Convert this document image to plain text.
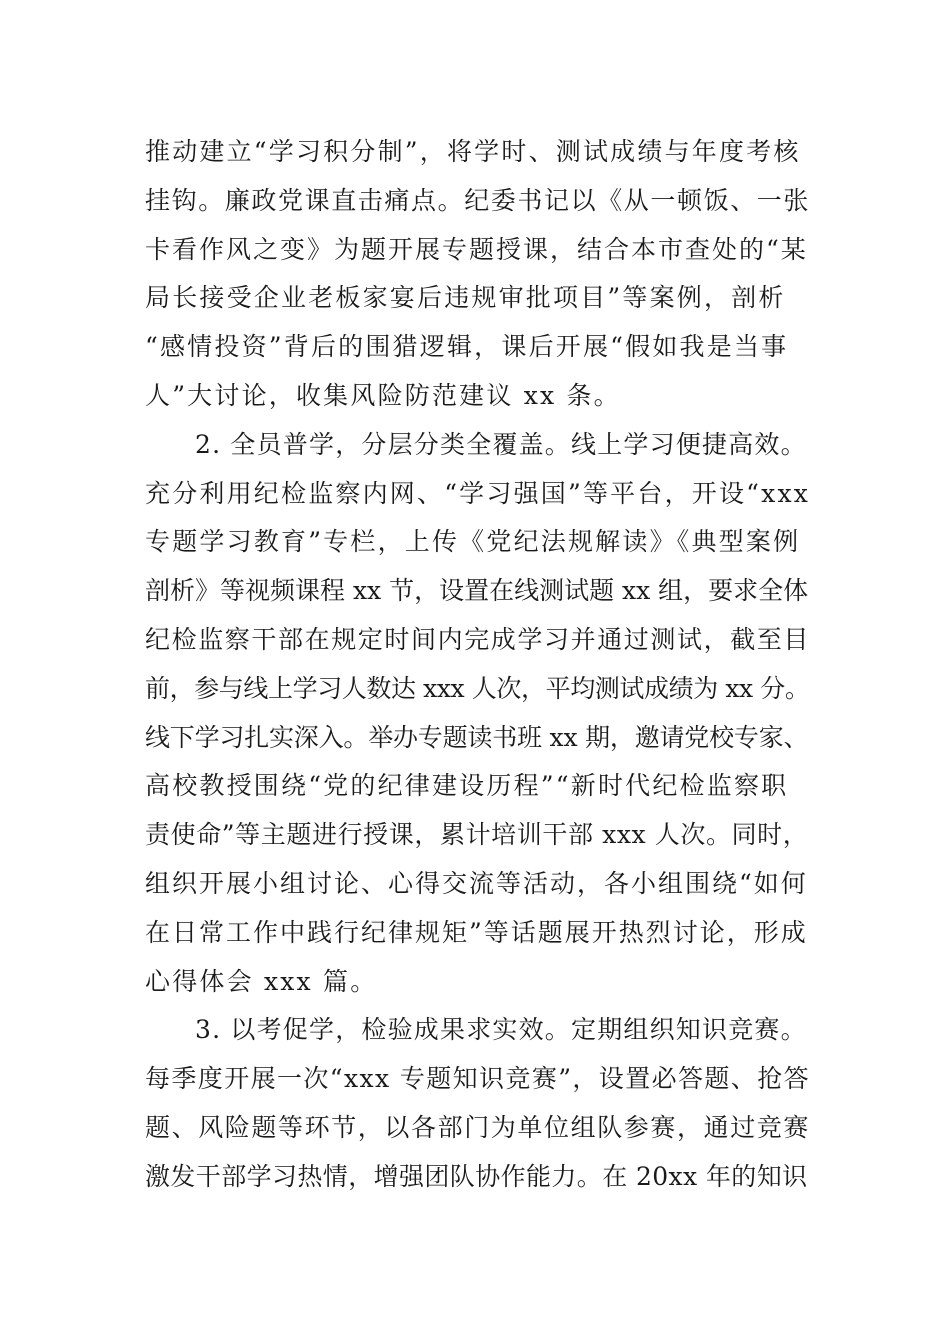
推动建立“学习积分制”，将学时、测试成绩与年度考核
挂钩。廉政党课直击痛点。纪委书记以《从一顿饭、一张
卡看作风之变》为题开展专题授课，结合本市查处的“某
局长接受企业老板家宴后违规审批项目”等案例，剖析
“感情投资”背后的围猎逻辑，课后开展“假如我是当事
人”大讨论，收集风险防范建议 xx 条。
2. 全员普学，分层分类全覆盖。线上学习便捷高效。
充分利用纪检监察内网、“学习强国”等平台，开设“xxx
专题学习教育”专栏，上传《党纪法规解读》《典型案例
剖析》等视频课程 xx 节，设置在线测试题 xx 组，要求全体
纪检监察干部在规定时间内完成学习并通过测试，截至目
前，参与线上学习人数达 xxx 人次，平均测试成绩为 xx 分。
线下学习扎实深入。举办专题读书班 xx 期，邀请党校专家、
高校教授围绕“党的纪律建设历程”“新时代纪检监察职
责使命”等主题进行授课，累计培训干部 xxx 人次。同时，
组织开展小组讨论、心得交流等活动，各小组围绕“如何
在日常工作中践行纪律规矩”等话题展开热烈讨论，形成
心得体会 xxx 篇。
3. 以考促学，检验成果求实效。定期组织知识竞赛。
每季度开展一次“xxx 专题知识竞赛”，设置必答题、抢答
题、风险题等环节，以各部门为单位组队参赛，通过竞赛
激发干部学习热情，增强团队协作能力。在 20xx 年的知识
